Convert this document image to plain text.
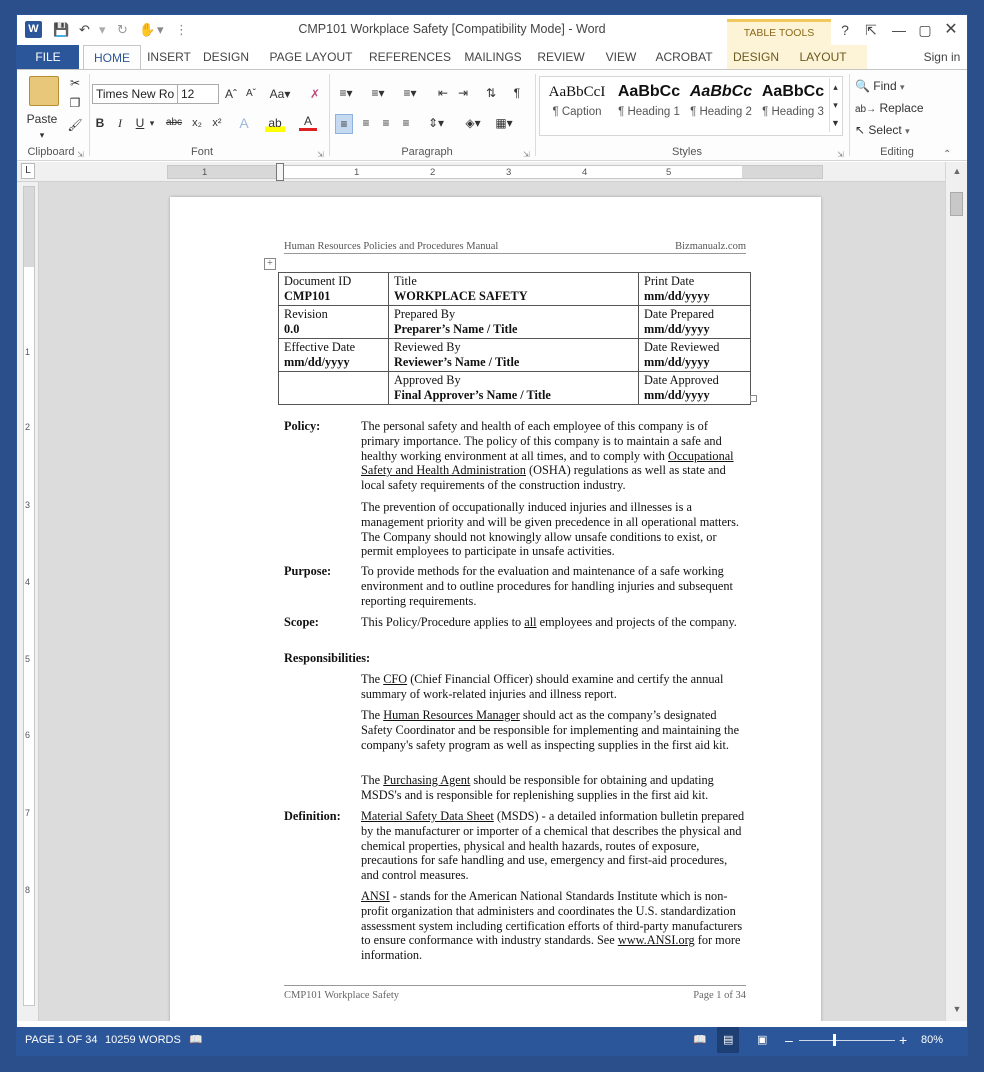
W 💾 ↶ ▾ ↻ ✋ ▾ ⋮	CMP101 Workplace Safety [Compatibility Mode] - Word	TABLE TOOLS	?	⇱	— ▢ ✕
FILE	HOME	INSERT DESIGN PAGE LAYOUT REFERENCES MAILINGS REVIEW	VIEW	ACROBAT	DESIGN	LAYOUT	Sign in
Paste
▾
✂
❐
🖌
Clipboard ⇲
Times New Ro 12	Aˆ Aˇ Aa▾ ✗
B	I	U ▾ abc x₂ x²	A	ab	A
Font	⇲
≡▾	≡▾	≡▾	⇤ ⇥ ⇅	¶
≡	≡	≡	≡	⇕▾	◈▾	▦▾
Paragraph	⇲
AaBbCcI
¶ Caption
AaBbCc
¶ Heading 1
AaBbCc
¶ Heading 2
AaBbCc
¶ Heading 3
▴
▾
▼
Styles	⇲
🔍 Find ▾
ab→ Replace
↖ Select ▾
Editing	⌃
L	1	1	2	3	4	5
1
2
3
4
5
6
7
8
▲
▼
Human Resources Policies and Procedures Manual	Bizmanualz.com
+
Document ID
CMP101	Title
WORKPLACE SAFETY	Print Date
mm/dd/yyyy
Revision
0.0	Prepared By
Preparer’s Name / Title	Date Prepared
mm/dd/yyyy
Effective Date
mm/dd/yyyy	Reviewed By
Reviewer’s Name / Title	Date Reviewed
mm/dd/yyyy

	Approved By
Final Approver’s Name / Title	Date Approved
mm/dd/yyyy
Policy:	The personal safety and health of each employee of this company is of primary importance. The policy of this company is to maintain a safe and healthy working environment at all times, and to comply with Occupational Safety and Health Administration (OSHA) regulations as well as state and local safety requirements of the construction industry.
The prevention of occupationally induced injuries and illnesses is a management priority and will be given precedence in all operational matters. The Company should not knowingly allow unsafe conditions to exist, or permit employees to participate in unsafe activities.
Purpose: To provide methods for the evaluation and maintenance of a safe working environment and to outline procedures for handling injuries and subsequent reporting requirements.
Scope:	This Policy/Procedure applies to all employees and projects of the company.
Responsibilities:
The CFO (Chief Financial Officer) should examine and certify the annual summary of work-related injuries and illness report.
The Human Resources Manager should act as the company’s designated Safety Coordinator and be responsible for implementing and maintaining the company's safety program as well as inspecting supplies in the first aid kit.
The Purchasing Agent should be responsible for obtaining and updating MSDS's and is responsible for replenishing supplies in the first aid kit.
Definition: Material Safety Data Sheet (MSDS) - a detailed information bulletin prepared by the manufacturer or importer of a chemical that describes the physical and chemical properties, physical and health hazards, routes of exposure, precautions for safe handling and use, emergency and first-aid procedures, and control measures.
ANSI - stands for the American National Standards Institute which is non-profit organization that administers and coordinates the U.S. standardization assessment system including certification efforts of third-party manufacturers to ensure conformance with industry standards. See www.ANSI.org for more information.
CMP101 Workplace Safety	Page 1 of 34
PAGE 1 OF 34 10259 WORDS 📖	📖	▤	▣ –	+ 80%
